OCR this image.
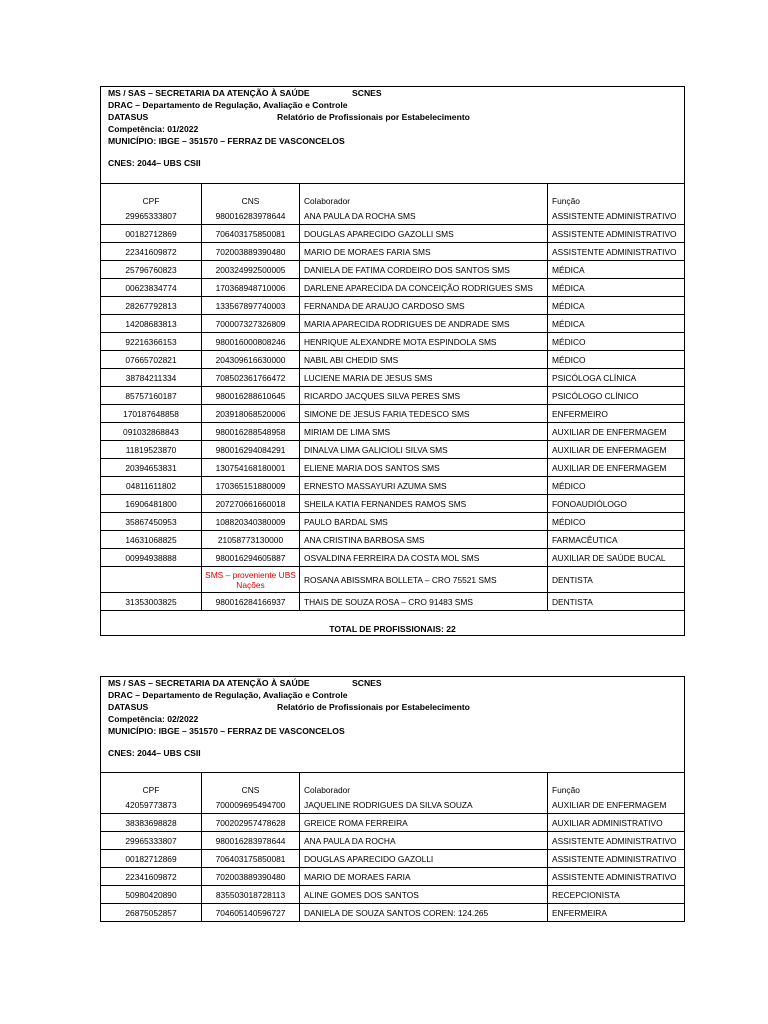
MS / SAS – SECRETARIA DA ATENÇÃO À SAÚDE	SCNES
DRAC – Departamento de Regulação, Avaliação e Controle
DATASUS	Relatório de Profissionais por Estabelecimento
Competência: 01/2022
MUNICÍPIO: IBGE – 351570 – FERRAZ DE VASCONCELOS
CNES: 2044– UBS CSII
CPF	CNS	Colaborador	Função
29965333807	980016283978644	ANA PAULA DA ROCHA SMS	ASSISTENTE ADMINISTRATIVO
00182712869	706403175850081	DOUGLAS APARECIDO GAZOLLI SMS	ASSISTENTE ADMINISTRATIVO
22341609872	702003889390480	MARIO DE MORAES FARIA SMS	ASSISTENTE ADMINISTRATIVO
25796760823	200324992500005	DANIELA DE FATIMA CORDEIRO DOS SANTOS SMS	MÉDICA
00623834774	170368948710006	DARLENE APARECIDA DA CONCEIÇÃO RODRIGUES SMS	MÉDICA
28267792813	133567897740003	FERNANDA DE ARAUJO CARDOSO SMS	MÉDICA
14208683813	700007327326809	MARIA APARECIDA RODRIGUES DE ANDRADE SMS	MÉDICA
92216366153	980016000808246	HENRIQUE ALEXANDRE MOTA ESPINDOLA SMS	MÉDICO
07665702821	204309616630000	NABIL ABI CHEDID SMS	MÉDICO
38784211334	708502361766472	LUCIENE MARIA DE JESUS SMS	PSICÓLOGA CLÍNICA
85757160187	980016288610645	RICARDO JACQUES SILVA PERES SMS	PSICÓLOGO CLÍNICO
170187648858	203918068520006	SIMONE DE JESUS FARIA TEDESCO SMS	ENFERMEIRO
091032868843	980016288548958	MIRIAM DE LIMA SMS	AUXILIAR DE ENFERMAGEM
11819523870	980016294084291	DINALVA LIMA GALICIOLI SILVA SMS	AUXILIAR DE ENFERMAGEM
20394653831	130754168180001	ELIENE MARIA DOS SANTOS SMS	AUXILIAR DE ENFERMAGEM
04811611802	170365151880009	ERNESTO MASSAYURI AZUMA SMS	MÉDICO
16906481800	207270661660018	SHEILA KATIA FERNANDES RAMOS SMS	FONOAUDIÓLOGO
35867450953	108820340380009	PAULO BARDAL SMS	MÉDICO
14631068825	21058773130000	ANA CRISTINA BARBOSA SMS	FARMACÊUTICA
00994938888	980016294605887	OSVALDINA FERREIRA DA COSTA MOL SMS	AUXILIAR DE SAÚDE BUCAL
	SMS – proveniente UBS Nações	ROSANA ABISSMRA BOLLETA – CRO 75521 SMS	DENTISTA
31353003825	980016284166937	THAIS DE SOUZA ROSA – CRO 91483 SMS	DENTISTA
TOTAL DE PROFISSIONAIS: 22
MS / SAS – SECRETARIA DA ATENÇÃO À SAÚDE	SCNES
DRAC – Departamento de Regulação, Avaliação e Controle
DATASUS	Relatório de Profissionais por Estabelecimento
Competência: 02/2022
MUNICÍPIO: IBGE – 351570 – FERRAZ DE VASCONCELOS
CNES: 2044– UBS CSII
CPF	CNS	Colaborador	Função
42059773873	700009695494700	JAQUELINE RODRIGUES DA SILVA SOUZA	AUXILIAR DE ENFERMAGEM
38383698828	700202957478628	GREICE ROMA FERREIRA	AUXILIAR ADMINISTRATIVO
29965333807	980016283978644	ANA PAULA DA ROCHA	ASSISTENTE ADMINISTRATIVO
00182712869	706403175850081	DOUGLAS APARECIDO GAZOLLI	ASSISTENTE ADMINISTRATIVO
22341609872	702003889390480	MARIO DE MORAES FARIA	ASSISTENTE ADMINISTRATIVO
50980420890	835503018728113	ALINE GOMES DOS SANTOS	RECEPCIONISTA
26875052857	704605140596727	DANIELA DE SOUZA SANTOS COREN: 124.265	ENFERMEIRA
